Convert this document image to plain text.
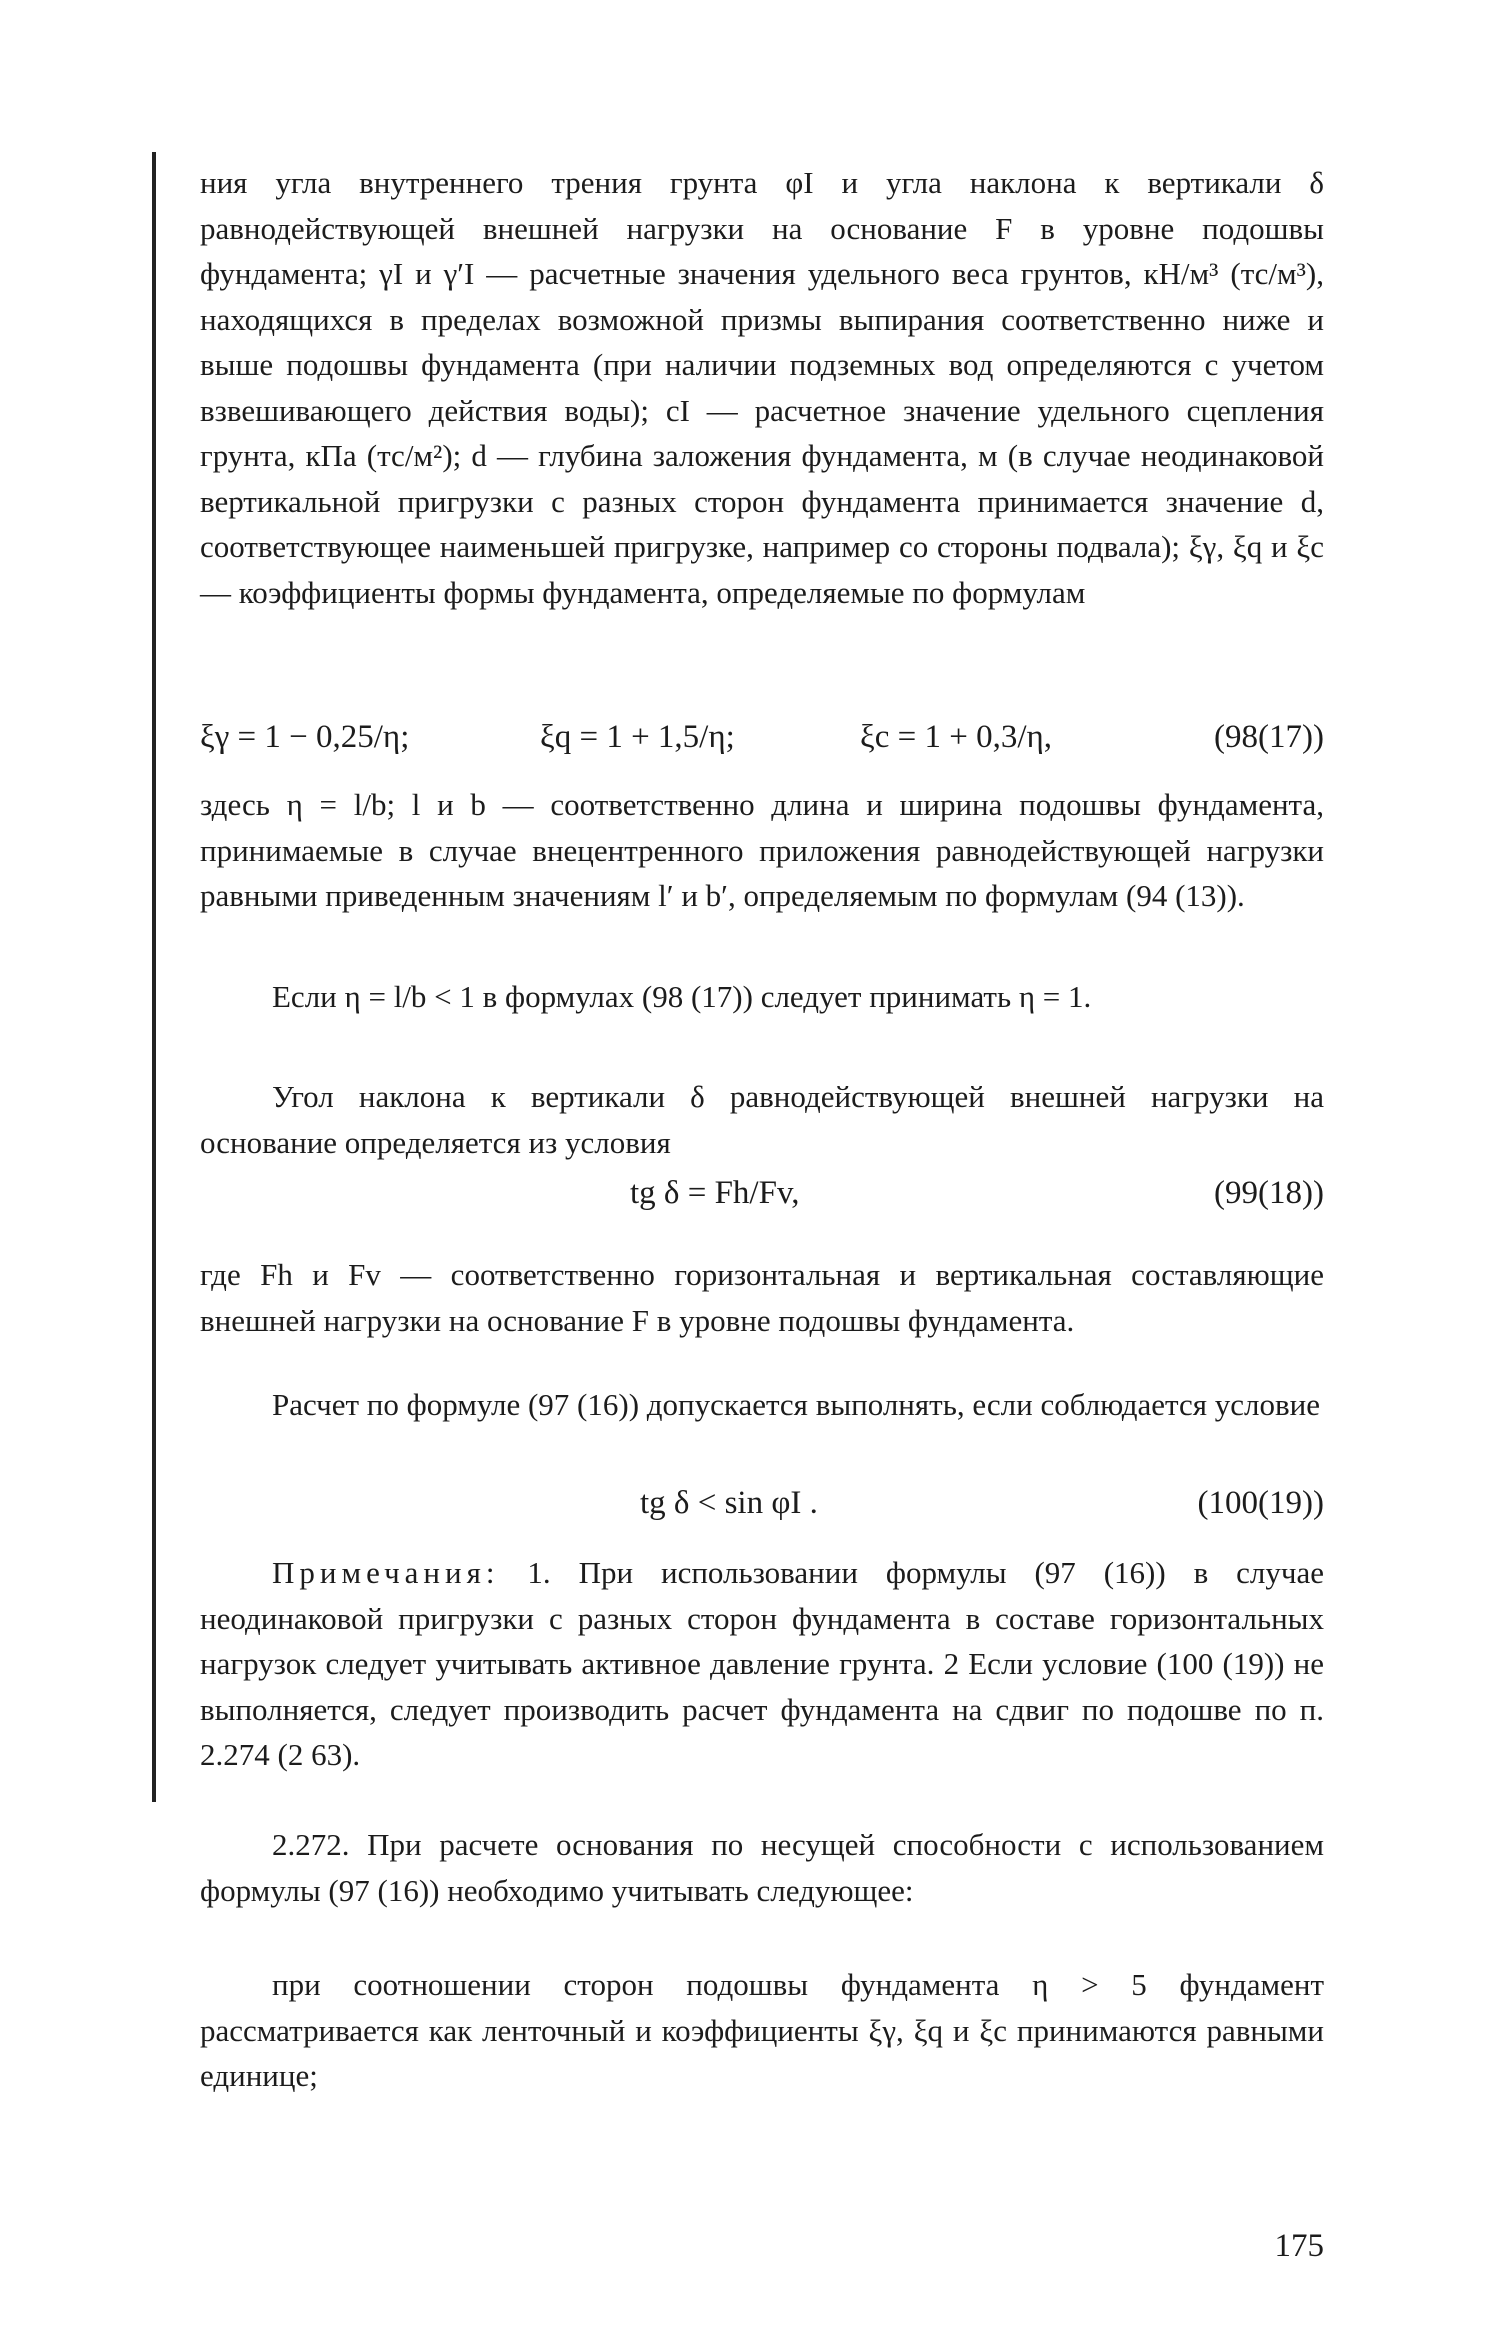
ния угла внутреннего трения грунта φI и угла наклона к вертикали δ равнодействующей внешней нагрузки на основание F в уровне подошвы фундамента; γI и γ′I — расчетные значения удельного веса грунтов, кН/м³ (тс/м³), находящихся в пределах возможной призмы выпирания соответственно ниже и выше подошвы фундамента (при наличии подземных вод определяются с учетом взвешивающего действия воды); cI — расчетное значение удельного сцепления грунта, кПа (тс/м²); d — глубина заложения фундамента, м (в случае неодинаковой вертикальной пригрузки с разных сторон фундамента принимается значение d, соответствующее наименьшей пригрузке, например со стороны подвала); ξγ, ξq и ξc — коэффициенты формы фундамента, определяемые по формулам

ξγ = 1 − 0,25/η;	ξq = 1 + 1,5/η;	ξc = 1 + 0,3/η,	(98(17))

здесь η = l/b; l и b — соответственно длина и ширина подошвы фундамента, принимаемые в случае внецентренного приложения равнодействующей нагрузки равными приведенным значениям l′ и b′, определяемым по формулам (94 (13)).

Если η = l/b < 1 в формулах (98 (17)) следует принимать η = 1.

Угол наклона к вертикали δ равнодействующей внешней нагрузки на основание определяется из условия

tg δ = Fh/Fv,	(99(18))

где Fh и Fv — соответственно горизонтальная и вертикальная составляющие внешней нагрузки на основание F в уровне подошвы фундамента.

Расчет по формуле (97 (16)) допускается выполнять, если соблюдается условие

tg δ < sin φI .	(100(19))

Примечания: 1. При использовании формулы (97 (16)) в случае неодинаковой пригрузки с разных сторон фундамента в составе горизонтальных нагрузок следует учитывать активное давление грунта. 2 Если условие (100 (19)) не выполняется, следует производить расчет фундамента на сдвиг по подошве по п. 2.274 (2 63).

2.272. При расчете основания по несущей способности с использованием формулы (97 (16)) необходимо учитывать следующее:

при соотношении сторон подошвы фундамента η > 5 фундамент рассматривается как ленточный и коэффициенты ξγ, ξq и ξc принимаются равными единице;

175
